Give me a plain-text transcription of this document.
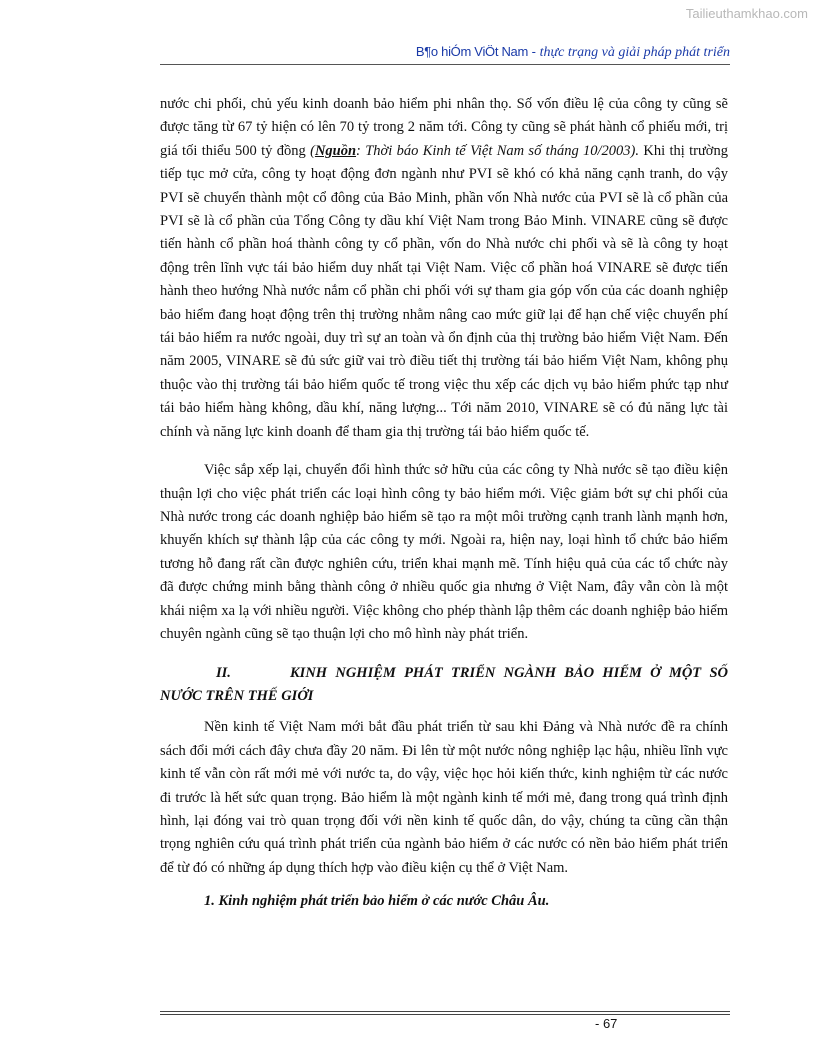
Tailieuthamkhao.com
B¶o hiÓm ViÖt Nam - thực trạng và giải pháp phát triển

nước chi phối, chủ yếu kinh doanh bảo hiểm phi nhân thọ. Số vốn điều lệ của công ty cũng sẽ được tăng từ 67 tỷ hiện có lên 70 tỷ trong 2 năm tới. Công ty cũng sẽ phát hành cổ phiếu mới, trị giá tối thiểu 500 tỷ đồng (Nguồn: Thời báo Kinh tế Việt Nam số tháng 10/2003). Khi thị trường tiếp tục mở cửa, công ty hoạt động đơn ngành như PVI sẽ khó có khả năng cạnh tranh, do vậy PVI sẽ chuyển thành một cổ đông của Bảo Minh, phần vốn Nhà nước của PVI sẽ là cổ phần của PVI sẽ là cổ phần của Tổng Công ty dầu khí Việt Nam trong Bảo Minh. VINARE cũng sẽ được tiến hành cổ phần hoá thành công ty cổ phần, vốn do Nhà nước chi phối và sẽ là công ty hoạt động trên lĩnh vực tái bảo hiểm duy nhất tại Việt Nam. Việc cổ phần hoá VINARE sẽ được tiến hành theo hướng Nhà nước nắm cổ phần chi phối với sự tham gia góp vốn của các doanh nghiệp bảo hiểm đang hoạt động trên thị trường nhằm nâng cao mức giữ lại để hạn chế việc chuyển phí tái bảo hiểm ra nước ngoài, duy trì sự an toàn và ổn định của thị trường bảo hiểm Việt Nam. Đến năm 2005, VINARE sẽ đủ sức giữ vai trò điều tiết thị trường tái bảo hiểm Việt Nam, không phụ thuộc vào thị trường tái bảo hiểm quốc tế trong việc thu xếp các dịch vụ bảo hiểm phức tạp như tái bảo hiểm hàng không, dầu khí, năng lượng... Tới năm 2010, VINARE sẽ có đủ năng lực tài chính và năng lực kinh doanh để tham gia thị trường tái bảo hiểm quốc tế.

Việc sắp xếp lại, chuyển đổi hình thức sở hữu của các công ty Nhà nước sẽ tạo điều kiện thuận lợi cho việc phát triển các loại hình công ty bảo hiểm mới. Việc giảm bớt sự chi phối của Nhà nước trong các doanh nghiệp bảo hiểm sẽ tạo ra một môi trường cạnh tranh lành mạnh hơn, khuyến khích sự thành lập của các công ty mới. Ngoài ra, hiện nay, loại hình tổ chức bảo hiểm tương hỗ đang rất cần được nghiên cứu, triển khai mạnh mẽ. Tính hiệu quả của các tổ chức này đã được chứng minh bằng thành công ở nhiều quốc gia nhưng ở Việt Nam, đây vẫn còn là một khái niệm xa lạ với nhiều người. Việc không cho phép thành lập thêm các doanh nghiệp bảo hiểm chuyên ngành cũng sẽ tạo thuận lợi cho mô hình này phát triển.

II.	KINH NGHIỆM PHÁT TRIỂN NGÀNH BẢO HIỂM Ở MỘT SỐ NƯỚC TRÊN THẾ GIỚI

Nền kinh tế Việt Nam mới bắt đầu phát triển từ sau khi Đảng và Nhà nước đề ra chính sách đổi mới cách đây chưa đầy 20 năm. Đi lên từ một nước nông nghiệp lạc hậu, nhiều lĩnh vực kinh tế vẫn còn rất mới mẻ với nước ta, do vậy, việc học hỏi kiến thức, kinh nghiệm từ các nước đi trước là hết sức quan trọng. Bảo hiểm là một ngành kinh tế mới mẻ, đang trong quá trình định hình, lại đóng vai trò quan trọng đối với nền kinh tế quốc dân, do vậy, chúng ta cũng cần thận trọng nghiên cứu quá trình phát triển của ngành bảo hiểm ở các nước có nền bảo hiểm phát triển để từ đó có những áp dụng thích hợp vào điều kiện cụ thể ở Việt Nam.

1. Kinh nghiệm phát triển bảo hiểm ở các nước Châu Âu.

- 67
